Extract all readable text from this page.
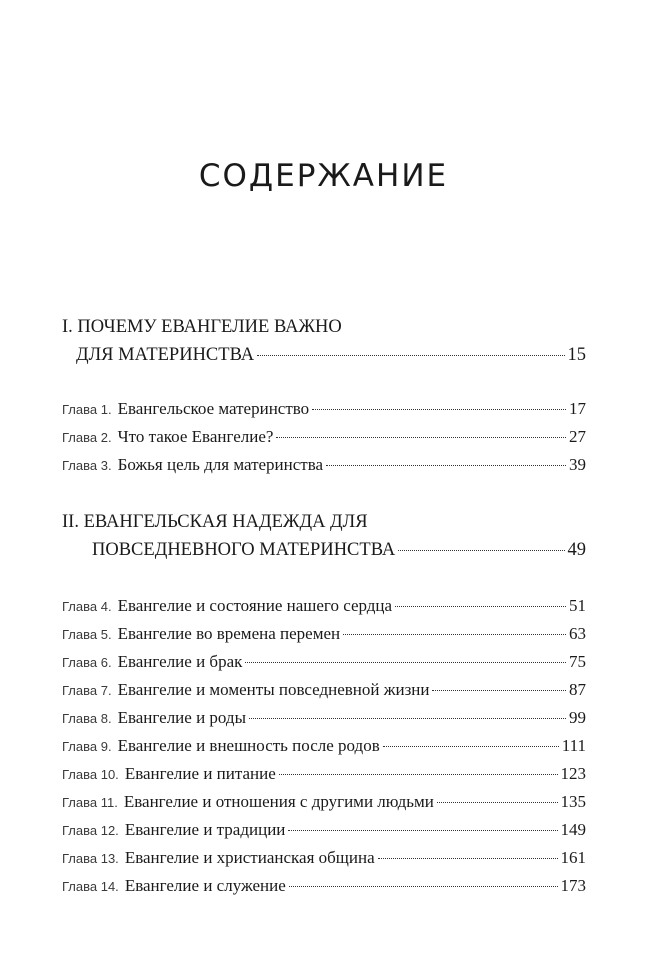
СОДЕРЖАНИЕ
I. ПОЧЕМУ ЕВАНГЕЛИЕ ВАЖНО
ДЛЯ МАТЕРИНСТВА	15
Глава 1. Евангельское материнство	17
Глава 2. Что такое Евангелие?	27
Глава 3. Божья цель для материнства	39
II. ЕВАНГЕЛЬСКАЯ НАДЕЖДА ДЛЯ
ПОВСЕДНЕВНОГО МАТЕРИНСТВА	49
Глава 4. Евангелие и состояние нашего сердца	51
Глава 5. Евангелие во времена перемен	63
Глава 6. Евангелие и брак	75
Глава 7. Евангелие и моменты повседневной жизни	87
Глава 8. Евангелие и роды	99
Глава 9. Евангелие и внешность после родов	111
Глава 10. Евангелие и питание	123
Глава 11. Евангелие и отношения с другими людьми	135
Глава 12. Евангелие и традиции	149
Глава 13. Евангелие и христианская община	161
Глава 14. Евангелие и служение	173
